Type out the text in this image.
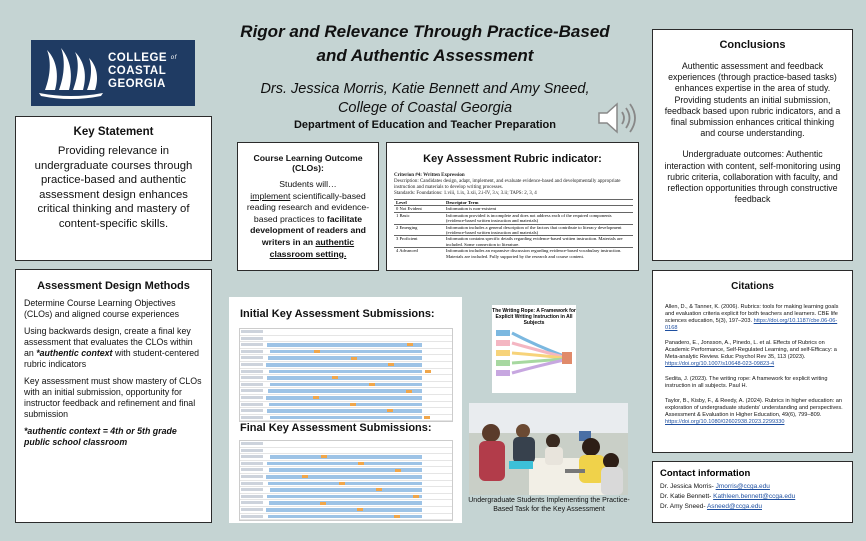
COLLEGE $^{of}$
COASTAL
GEORGIA
Rigor and Relevance Through Practice-Based
and Authentic Assessment
Drs. Jessica Morris, Katie Bennett and Amy Sneed,
College of Coastal Georgia
Department of Education and Teacher Preparation
Key Statement
Providing relevance in undergraduate courses through practice-based and authentic assessment design enhances critical thinking and mastery of content-specific skills.
Assessment Design Methods

Determine Course Learning Objectives (CLOs) and aligned course experiences

Using backwards design, create a final key assessment that evaluates the CLOs within an *authentic context with student-centered rubric indicators

Key assessment must show mastery of CLOs with an initial submission, opportunity for instructor feedback and refinement and final submission

*authentic context = 4th or 5th grade public school classroom

Course Learning Outcome (CLOs):
Students will…
implement scientifically-based reading research and evidence-based practices to facilitate development of readers and writers in an authentic classroom setting.
Key Assessment Rubric indicator:
Criterion #4: Written Expression
Description: Candidates design, adapt, implement, and evaluate evidence-based and developmentally appropriate instruction and materials to develop writing processes.
Standards: Foundations: 1.viii, 1.ix, 3.xii, 2.i-IV, 3.v, 3.ii; TAPS: 2, 3, 4
Level	Descriptor Term
0 Not Evident	Information is non-existent
1 Basic	Information provided is incomplete and does not address each of the required components (evidence-based written instruction and materials)
2 Emerging	Information includes a general description of the factors that contribute to literacy development (evidence-based written instruction and materials)
3 Proficient	Information contains specific details regarding evidence-based written instruction. Materials are included. Some connection to literature.
4 Advanced	Information includes an expansive discussion regarding evidence-based vocabulary instruction. Materials are included. Fully supported by the research and course content.
Initial Key Assessment Submissions:
Final Key Assessment Submissions:
The Writing Rope: A Framework for Explicit Writing Instruction in All Subjects
Undergraduate Students Implementing the Practice-Based Task for the Key Assessment
Conclusions

Authentic assessment and feedback experiences (through practice-based tasks) enhances expertise in the area of study. Providing students an initial submission, feedback based upon rubric indicators, and a final submission enhances critical thinking and course understanding.

Undergraduate outcomes: Authentic interaction with content, self-monitoring using rubric criteria, collaboration with faculty, and reflection opportunities through constructive feedback

Citations

Allen, D., & Tanner, K. (2006). Rubrics: tools for making learning goals and evaluation criteria explicit for both teachers and learners. CBE life sciences education, 5(3), 197–203. https://doi.org/10.1187/cbe.06-06-0168

Panadero, E., Jonsson, A., Pinedo, L. et al. Effects of Rubrics on Academic Performance, Self-Regulated Learning, and self-Efficacy: a Meta-analytic Review. Educ Psychol Rev 35, 113 (2023). https://doi.org/10.1007/s10648-023-09823-4

Sedita, J. (2023). The writing rope: A framework for explicit writing instruction in all subjects. Paul H.

Taylor, B., Kisby, F., & Reedy, A. (2024). Rubrics in higher education: an exploration of undergraduate students' understanding and perspectives. Assessment & Evaluation in Higher Education, 49(6), 799–809. https://doi.org/10.1080/02602938.2023.2299330

Contact information
Dr. Jessica Morris- Jmorris@ccga.edu
Dr. Katie Bennett- Kathleen.bennett@ccga.edu
Dr. Amy Sneed- Asneed@ccga.edu
